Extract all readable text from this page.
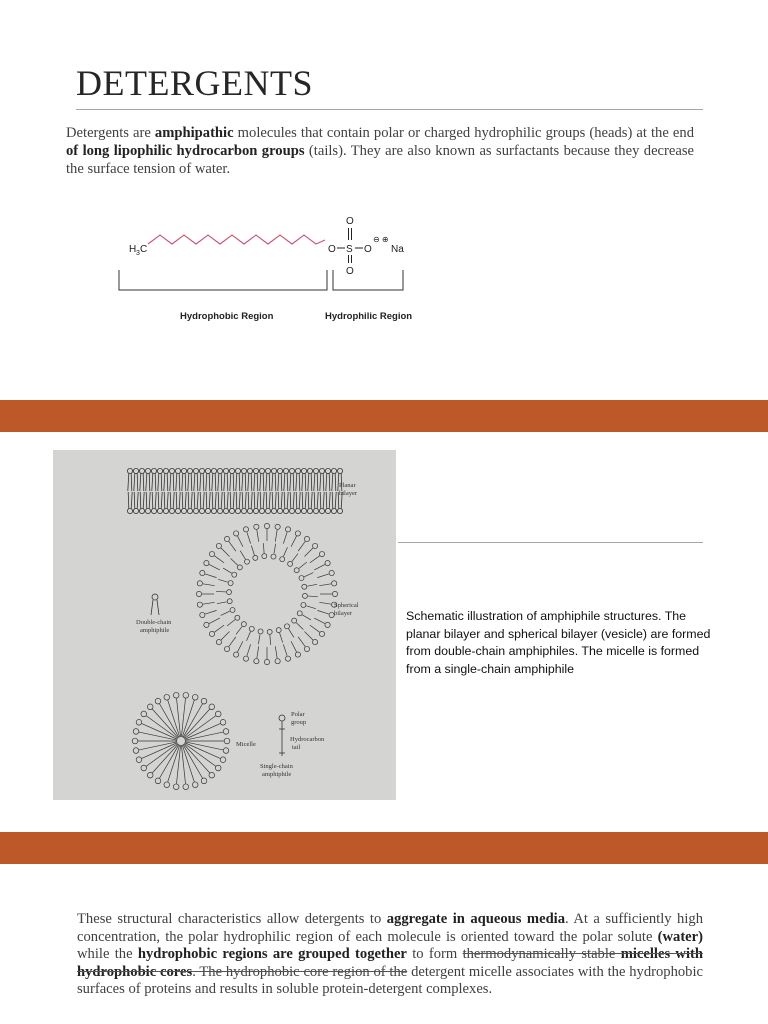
DETERGENTS
Detergents are amphipathic molecules that contain polar or charged hydrophilic groups (heads) at the end of long lipophilic hydrocarbon groups (tails). They are also known as surfactants because they decrease the surface tension of water.
H 3 C	O S
O
O
O
⊖ ⊕
Na
Hydrophobic Region	Hydrophilic Region
Planar
bilayer
Spherical
bilayer
Double-chain
amphiphile
Micelle
Polar
group
Hydrocarbon
tail
Single-chain
amphiphile
Schematic illustration of amphiphile structures. The planar bilayer and spherical bilayer (vesicle) are formed from double-chain amphiphiles. The micelle is formed from a single-chain amphiphile
These structural characteristics allow detergents to aggregate in aqueous media. At a sufficiently high concentration, the polar hydrophilic region of each molecule is oriented toward the polar solute (water) while the hydrophobic regions are grouped together to form thermodynamically stable micelles with hydrophobic cores. The hydrophobic core region of the detergent micelle associates with the hydrophobic surfaces of proteins and results in soluble protein-detergent complexes.
